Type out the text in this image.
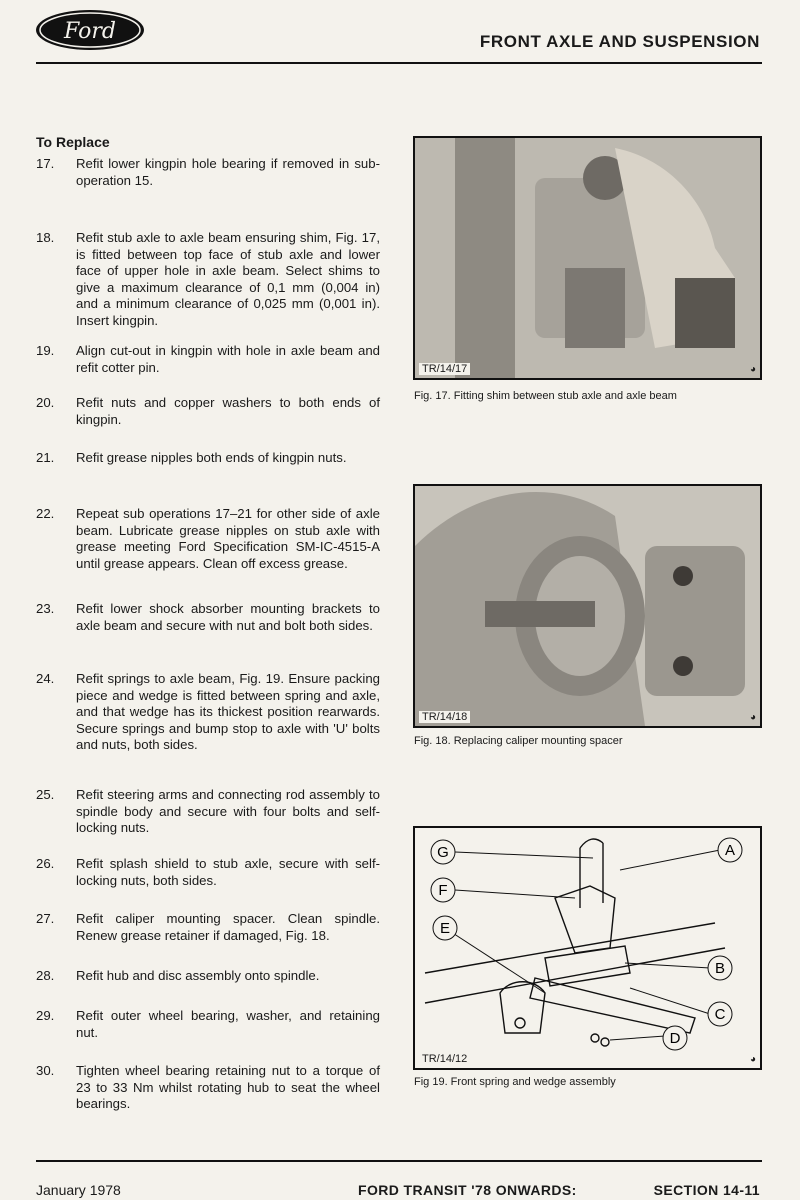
Ford	FRONT AXLE AND SUSPENSION
To Replace
17.	Refit lower kingpin hole bearing if removed in sub-operation 15.
18.	Refit stub axle to axle beam ensuring shim, Fig. 17, is fitted between top face of stub axle and lower face of upper hole in axle beam. Select shims to give a maximum clearance of 0,1 mm (0,004 in) and a minimum clearance of 0,025 mm (0,001 in). Insert kingpin.
19.	Align cut-out in kingpin with hole in axle beam and refit cotter pin.
20.	Refit nuts and copper washers to both ends of kingpin.
21.	Refit grease nipples both ends of kingpin nuts.
22.	Repeat sub operations 17–21 for other side of axle beam. Lubricate grease nipples on stub axle with grease meeting Ford Specification SM-IC-4515-A until grease appears. Clean off excess grease.
23.	Refit lower shock absorber mounting brackets to axle beam and secure with nut and bolt both sides.
24.	Refit springs to axle beam, Fig. 19. Ensure packing piece and wedge is fitted between spring and axle, and that wedge has its thickest position rearwards. Secure springs and bump stop to axle with 'U' bolts and nuts, both sides.
25.	Refit steering arms and connecting rod assembly to spindle body and secure with four bolts and self-locking nuts.
26.	Refit splash shield to stub axle, secure with self-locking nuts, both sides.
27.	Refit caliper mounting spacer. Clean spindle. Renew grease retainer if damaged, Fig. 18.
28.	Refit hub and disc assembly onto spindle.
29.	Refit outer wheel bearing, washer, and retaining nut.
30.	Tighten wheel bearing retaining nut to a torque of 23 to 33 Nm whilst rotating hub to seat the wheel bearings.
TR/14/17	◕
Fig. 17. Fitting shim between stub axle and axle beam
TR/14/18	◕
Fig. 18. Replacing caliper mounting spacer
A
B
C
D
E
F
G
TR/14/12	◕
Fig 19. Front spring and wedge assembly
January 1978	FORD TRANSIT '78 ONWARDS:	SECTION 14-11
